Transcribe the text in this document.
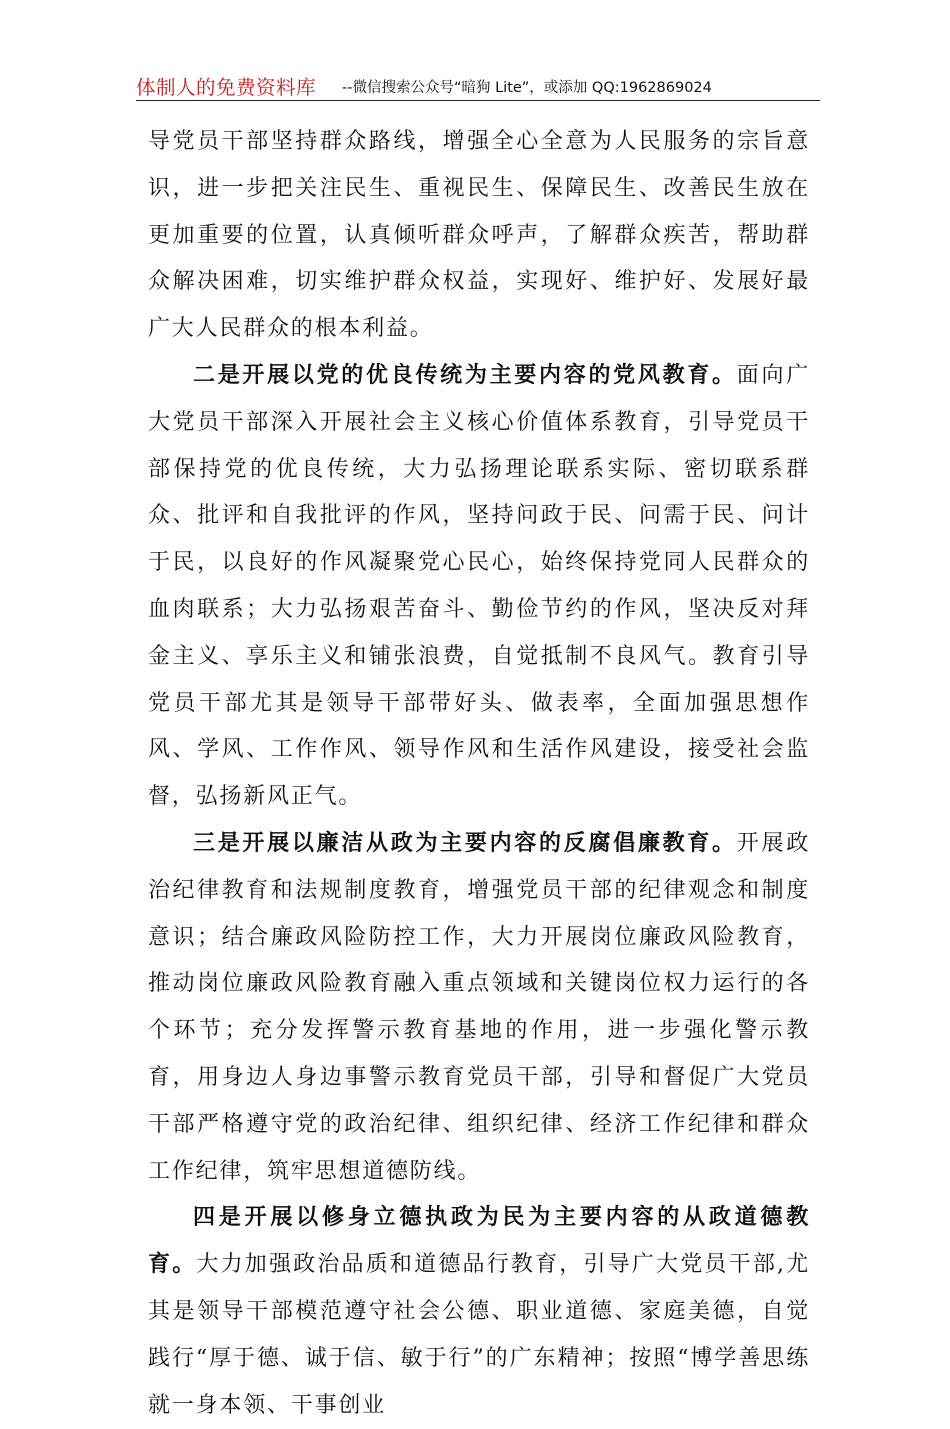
体制人的免费资料库 --微信搜索公众号“暗狗 Lite”，或添加 QQ:1962869024

导党员干部坚持群众路线，增强全心全意为人民服务的宗旨意识，进一步把关注民生、重视民生、保障民生、改善民生放在更加重要的位置，认真倾听群众呼声，了解群众疾苦，帮助群众解决困难，切实维护群众权益，实现好、维护好、发展好最广大人民群众的根本利益。

二是开展以党的优良传统为主要内容的党风教育。面向广大党员干部深入开展社会主义核心价值体系教育，引导党员干部保持党的优良传统，大力弘扬理论联系实际、密切联系群众、批评和自我批评的作风，坚持问政于民、问需于民、问计于民，以良好的作风凝聚党心民心，始终保持党同人民群众的血肉联系；大力弘扬艰苦奋斗、勤俭节约的作风，坚决反对拜金主义、享乐主义和铺张浪费，自觉抵制不良风气。教育引导党员干部尤其是领导干部带好头、做表率，全面加强思想作风、学风、工作作风、领导作风和生活作风建设，接受社会监督，弘扬新风正气。

三是开展以廉洁从政为主要内容的反腐倡廉教育。开展政治纪律教育和法规制度教育，增强党员干部的纪律观念和制度意识；结合廉政风险防控工作，大力开展岗位廉政风险教育，推动岗位廉政风险教育融入重点领域和关键岗位权力运行的各个环节；充分发挥警示教育基地的作用，进一步强化警示教育，用身边人身边事警示教育党员干部，引导和督促广大党员干部严格遵守党的政治纪律、组织纪律、经济工作纪律和群众工作纪律，筑牢思想道德防线。

四是开展以修身立德执政为民为主要内容的从政道德教育。大力加强政治品质和道德品行教育，引导广大党员干部,尤其是领导干部模范遵守社会公德、职业道德、家庭美德，自觉践行“厚于德、诚于信、敏于行”的广东精神；按照“博学善思练就一身本领、干事创业
